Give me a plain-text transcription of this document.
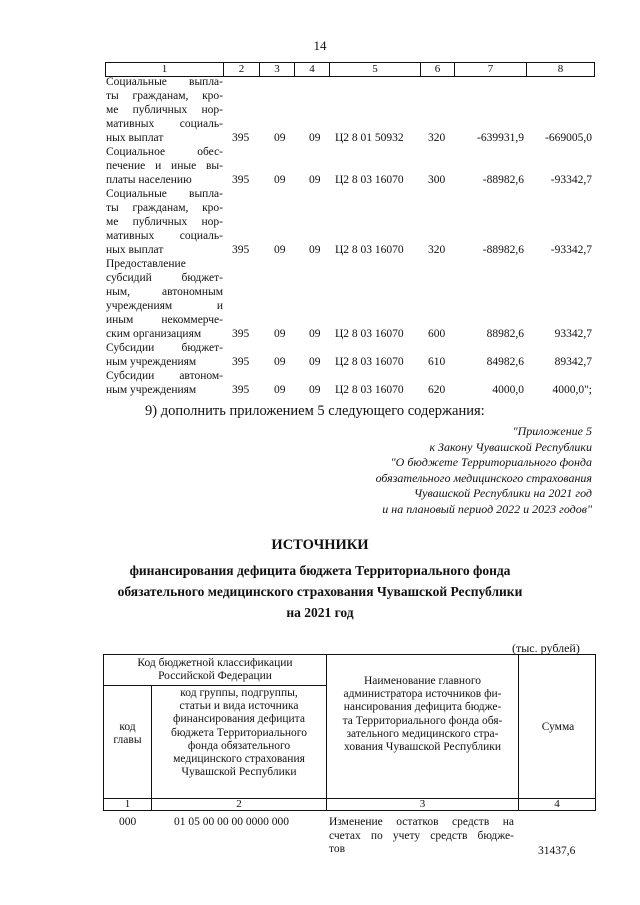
14
1	2	3	4	5	6	7	8
Социальные выпла-
ты гражданам, кро-
ме публичных нор-
мативных социаль-
ных выплат	395 09 09 Ц2 8 01 50932 320	-639931,9 -669005,0
Социальное обес-
печение и иные вы-
платы населению	395 09 09 Ц2 8 03 16070 300	-88982,6 -93342,7
Социальные выпла-
ты гражданам, кро-
ме публичных нор-
мативных социаль-
ных выплат	395 09 09 Ц2 8 03 16070 320	-88982,6 -93342,7
Предоставление
субсидий бюджет-
ным, автономным
учреждениям и
иным некоммерче-
ским организациям	395 09 09 Ц2 8 03 16070 600	88982,6	93342,7
Субсидии бюджет-
ным учреждениям	395 09 09 Ц2 8 03 16070 610	84982,6	89342,7
Субсидии автоном-
ным учреждениям	395 09 09 Ц2 8 03 16070 620	4000,0 4000,0";
9) дополнить приложением 5 следующего содержания:
"Приложение 5
к Закону Чувашской Республики
"О бюджете Территориального фонда
обязательного медицинского страхования
Чувашской Республики на 2021 год
и на плановый период 2022 и 2023 годов"
ИСТОЧНИКИ
финансирования дефицита бюджета Территориального фонда
обязательного медицинского страхования Чувашской Республики
на 2021 год
(тыс. рублей)
Код бюджетной классификации
Российской Федерации
код
главы
код группы, подгруппы,
статьи и вида источника
финансирования дефицита
бюджета Территориального
фонда обязательного
медицинского страхования
Чувашской Республики
Наименование главного
администратора источников фи-
нансирования дефицита бюдже-
та Территориального фонда обя-
зательного медицинского стра-
хования Чувашской Республики
Сумма
1	2	3	4
000	01 05 00 00 00 0000 000	Изменение остатков средств на
счетах по учету средств бюдже-
тов	31437,6
